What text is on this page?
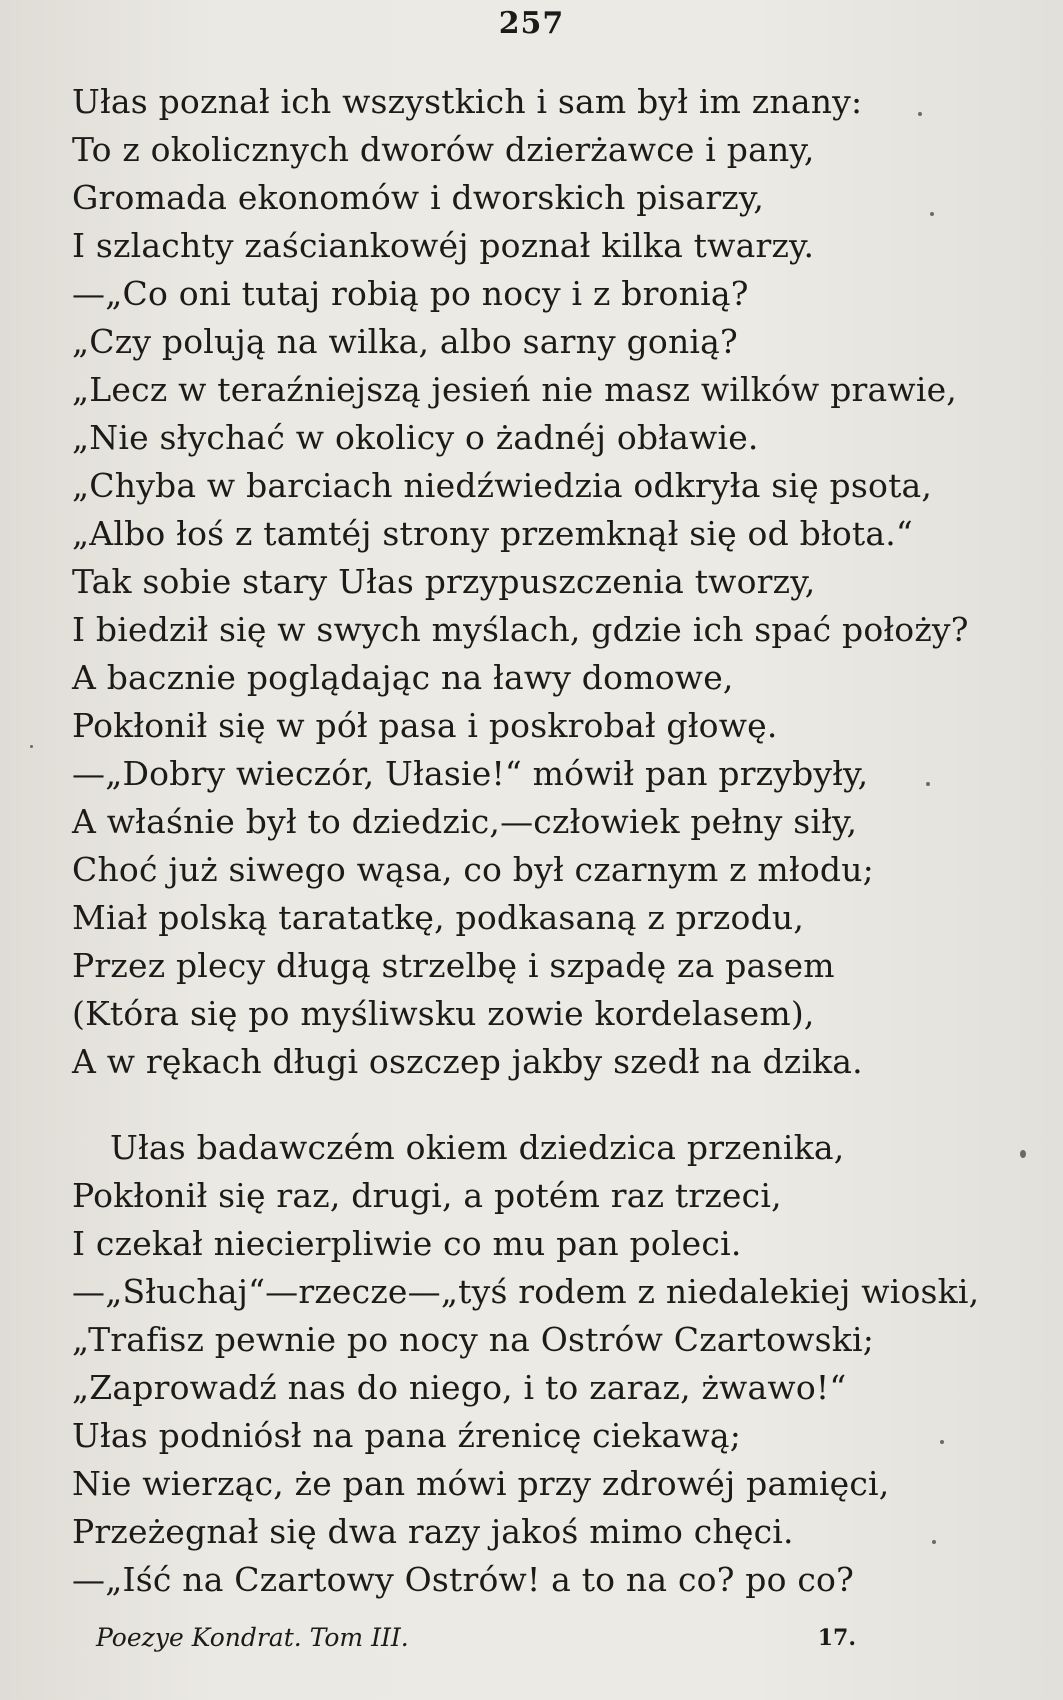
257
Ułas poznał ich wszystkich i sam był im znany:
To z okolicznych dworów dzierżawce i pany,
Gromada ekonomów i dworskich pisarzy,
I szlachty zaściankowéj poznał kilka twarzy.
—„Co oni tutaj robią po nocy i z bronią?
„Czy polują na wilka, albo sarny gonią?
„Lecz w teraźniejszą jesień nie masz wilków prawie,
„Nie słychać w okolicy o żadnéj obławie.
„Chyba w barciach niedźwiedzia odkryła się psota,
„Albo łoś z tamtéj strony przemknął się od błota.“
Tak sobie stary Ułas przypuszczenia tworzy,
I biedził się w swych myślach, gdzie ich spać położy?
A bacznie poglądając na ławy domowe,
Pokłonił się w pół pasa i poskrobał głowę.
—„Dobry wieczór, Ułasie!“ mówił pan przybyły,
A właśnie był to dziedzic,—człowiek pełny siły,
Choć już siwego wąsa, co był czarnym z młodu;
Miał polską taratatkę, podkasaną z przodu,
Przez plecy długą strzelbę i szpadę za pasem
(Która się po myśliwsku zowie kordelasem),
A w rękach długi oszczep jakby szedł na dzika.
Ułas badawczém okiem dziedzica przenika,
Pokłonił się raz, drugi, a potém raz trzeci,
I czekał niecierpliwie co mu pan poleci.
—„Słuchaj“—rzecze—„tyś rodem z niedalekiej wioski,
„Trafisz pewnie po nocy na Ostrów Czartowski;
„Zaprowadź nas do niego, i to zaraz, żwawo!“
Ułas podniósł na pana źrenicę ciekawą;
Nie wierząc, że pan mówi przy zdrowéj pamięci,
Przeżegnał się dwa razy jakoś mimo chęci.
—„Iść na Czartowy Ostrów! a to na co? po co?
Poezye Kondrat. Tom III.	17.
